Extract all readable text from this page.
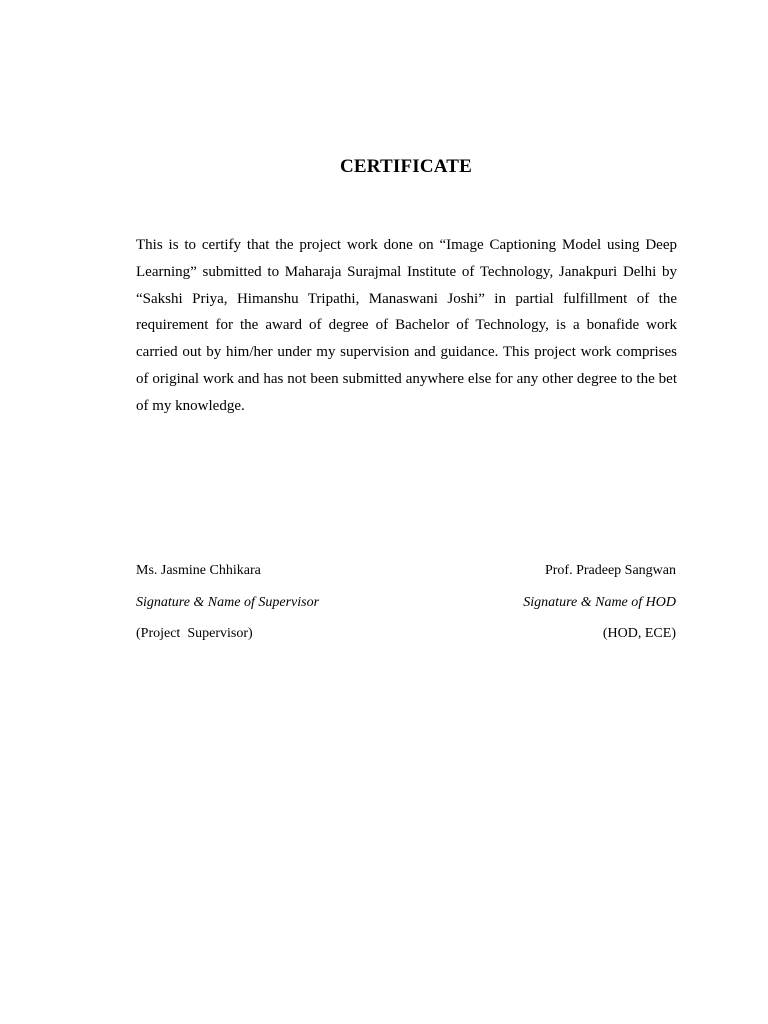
CERTIFICATE

This is to certify that the project work done on “Image Captioning Model using Deep Learning” submitted to Maharaja Surajmal Institute of Technology, Janakpuri Delhi by “Sakshi Priya, Himanshu Tripathi, Manaswani Joshi” in partial fulfillment of the requirement for the award of degree of Bachelor of Technology, is a bonafide work carried out by him/her under my supervision and guidance. This project work comprises of original work and has not been submitted anywhere else for any other degree to the bet of my knowledge.

Ms. Jasmine Chhikara
Signature & Name of Supervisor
(Project  Supervisor)
Prof. Pradeep Sangwan
Signature & Name of HOD
(HOD, ECE)
